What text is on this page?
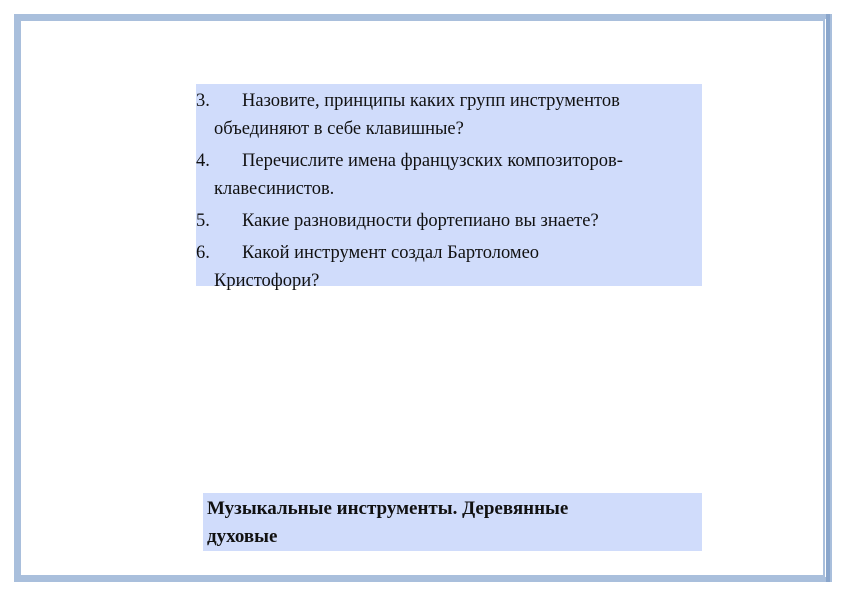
3. Назовите, принципы каких групп инструментов
объединяют в себе клавишные?
4. Перечислите имена французских композиторов-
клавесинистов.
5. Какие разновидности фортепиано вы знаете?
6. Какой инструмент создал Бартоломео
Кристофори?
Музыкальные инструменты. Деревянные
духовые
